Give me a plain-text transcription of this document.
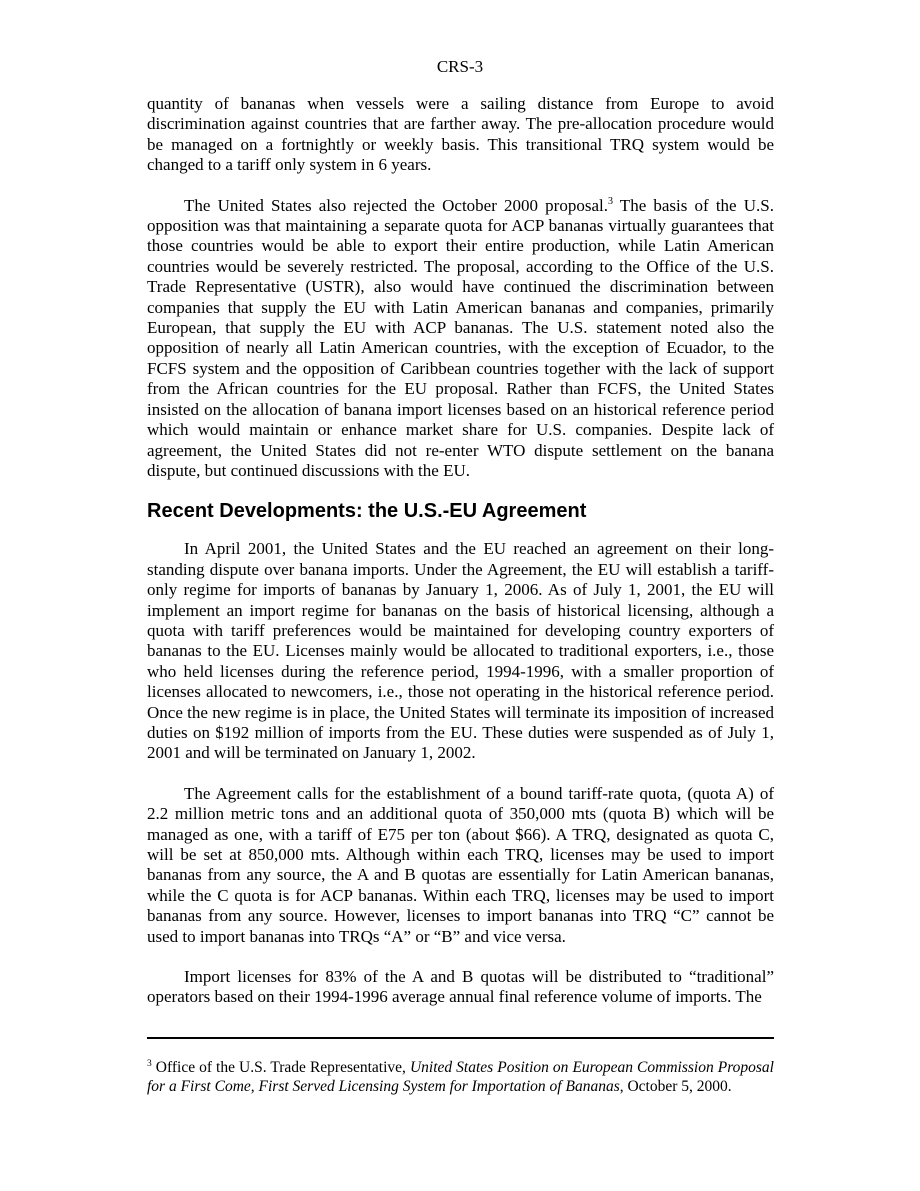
CRS-3

quantity of bananas when vessels were a sailing distance from Europe to avoid discrimination against countries that are farther away. The pre-allocation procedure would be managed on a fortnightly or weekly basis. This transitional TRQ system would be changed to a tariff only system in 6 years.

The United States also rejected the October 2000 proposal.$^3$ The basis of the U.S. opposition was that maintaining a separate quota for ACP bananas virtually guarantees that those countries would be able to export their entire production, while Latin American countries would be severely restricted. The proposal, according to the Office of the U.S. Trade Representative (USTR), also would have continued the discrimination between companies that supply the EU with Latin American bananas and companies, primarily European, that supply the EU with ACP bananas. The U.S. statement noted also the opposition of nearly all Latin American countries, with the exception of Ecuador, to the FCFS system and the opposition of Caribbean countries together with the lack of support from the African countries for the EU proposal. Rather than FCFS, the United States insisted on the allocation of banana import licenses based on an historical reference period which would maintain or enhance market share for U.S. companies. Despite lack of agreement, the United States did not re-enter WTO dispute settlement on the banana dispute, but continued discussions with the EU.

Recent Developments: the U.S.-EU Agreement

In April 2001, the United States and the EU reached an agreement on their long-standing dispute over banana imports. Under the Agreement, the EU will establish a tariff-only regime for imports of bananas by January 1, 2006. As of July 1, 2001, the EU will implement an import regime for bananas on the basis of historical licensing, although a quota with tariff preferences would be maintained for developing country exporters of bananas to the EU. Licenses mainly would be allocated to traditional exporters, i.e., those who held licenses during the reference period, 1994-1996, with a smaller proportion of licenses allocated to newcomers, i.e., those not operating in the historical reference period. Once the new regime is in place, the United States will terminate its imposition of increased duties on $192 million of imports from the EU. These duties were suspended as of July 1, 2001 and will be terminated on January 1, 2002.

The Agreement calls for the establishment of a bound tariff-rate quota, (quota A) of 2.2 million metric tons and an additional quota of 350,000 mts (quota B) which will be managed as one, with a tariff of E75 per ton (about $66). A TRQ, designated as quota C, will be set at 850,000 mts. Although within each TRQ, licenses may be used to import bananas from any source, the A and B quotas are essentially for Latin American bananas, while the C quota is for ACP bananas. Within each TRQ, licenses may be used to import bananas from any source. However, licenses to import bananas into TRQ “C” cannot be used to import bananas into TRQs “A” or “B” and vice versa.

Import licenses for 83% of the A and B quotas will be distributed to “traditional” operators based on their 1994-1996 average annual final reference volume of imports. The

$^3$ Office of the U.S. Trade Representative, United States Position on European Commission Proposal for a First Come, First Served Licensing System for Importation of Bananas, October 5, 2000.
